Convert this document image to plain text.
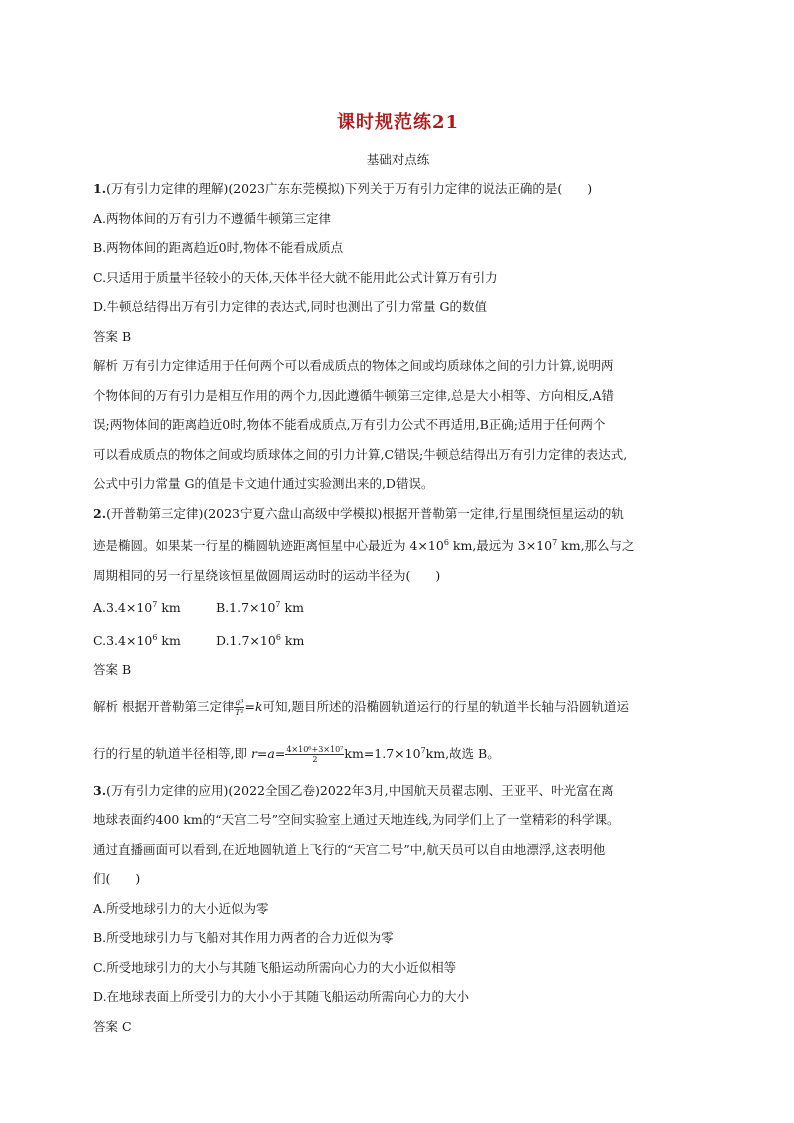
课时规范练21
基础对点练

1.(万有引力定律的理解)(2023广东东莞模拟)下列关于万有引力定律的说法正确的是(　　)

A.两物体间的万有引力不遵循牛顿第三定律

B.两物体间的距离趋近0时,物体不能看成质点

C.只适用于质量半径较小的天体,天体半径大就不能用此公式计算万有引力

D.牛顿总结得出万有引力定律的表达式,同时也测出了引力常量 G的数值

答案 B

解析 万有引力定律适用于任何两个可以看成质点的物体之间或均质球体之间的引力计算,说明两

个物体间的万有引力是相互作用的两个力,因此遵循牛顿第三定律,总是大小相等、方向相反,A错

误;两物体间的距离趋近0时,物体不能看成质点,万有引力公式不再适用,B正确;适用于任何两个

可以看成质点的物体之间或均质球体之间的引力计算,C错误;牛顿总结得出万有引力定律的表达式,

公式中引力常量 G的值是卡文迪什通过实验测出来的,D错误。

2.(开普勒第三定律)(2023宁夏六盘山高级中学模拟)根据开普勒第一定律,行星围绕恒星运动的轨

迹是椭圆。如果某一行星的椭圆轨迹距离恒星中心最近为 $4\times 10^6$ km,最远为 $3\times 10^7$ km,那么与之

周期相同的另一行星绕该恒星做圆周运动时的运动半径为(　　)

$A.3.4\times 10^7$ km	$B.1.7\times 10^7$ km
$C.3.4\times 10^6$ km	$D.1.7\times 10^6$ km

答案 B

解析 根据开普勒第三定律 $\frac{\text{a³}}{\text{T²}} =k$可知,题目所述的沿椭圆轨道运行的行星的轨道半长轴与沿圆轨道运

行的行星的轨道半径相等,即 $r=a= \frac{\text{4×10⁶+3×10⁷}}{2} km=1.7\times 10^7km$,故选 B。

3.(万有引力定律的应用)(2022全国乙卷)2022年3月,中国航天员翟志刚、王亚平、叶光富在离

地球表面约400 km的“天宫二号”空间实验室上通过天地连线,为同学们上了一堂精彩的科学课。

通过直播画面可以看到,在近地圆轨道上飞行的“天宫二号”中,航天员可以自由地漂浮,这表明他

们(　　)

A.所受地球引力的大小近似为零

B.所受地球引力与飞船对其作用力两者的合力近似为零

C.所受地球引力的大小与其随飞船运动所需向心力的大小近似相等

D.在地球表面上所受引力的大小小于其随飞船运动所需向心力的大小

答案 C
